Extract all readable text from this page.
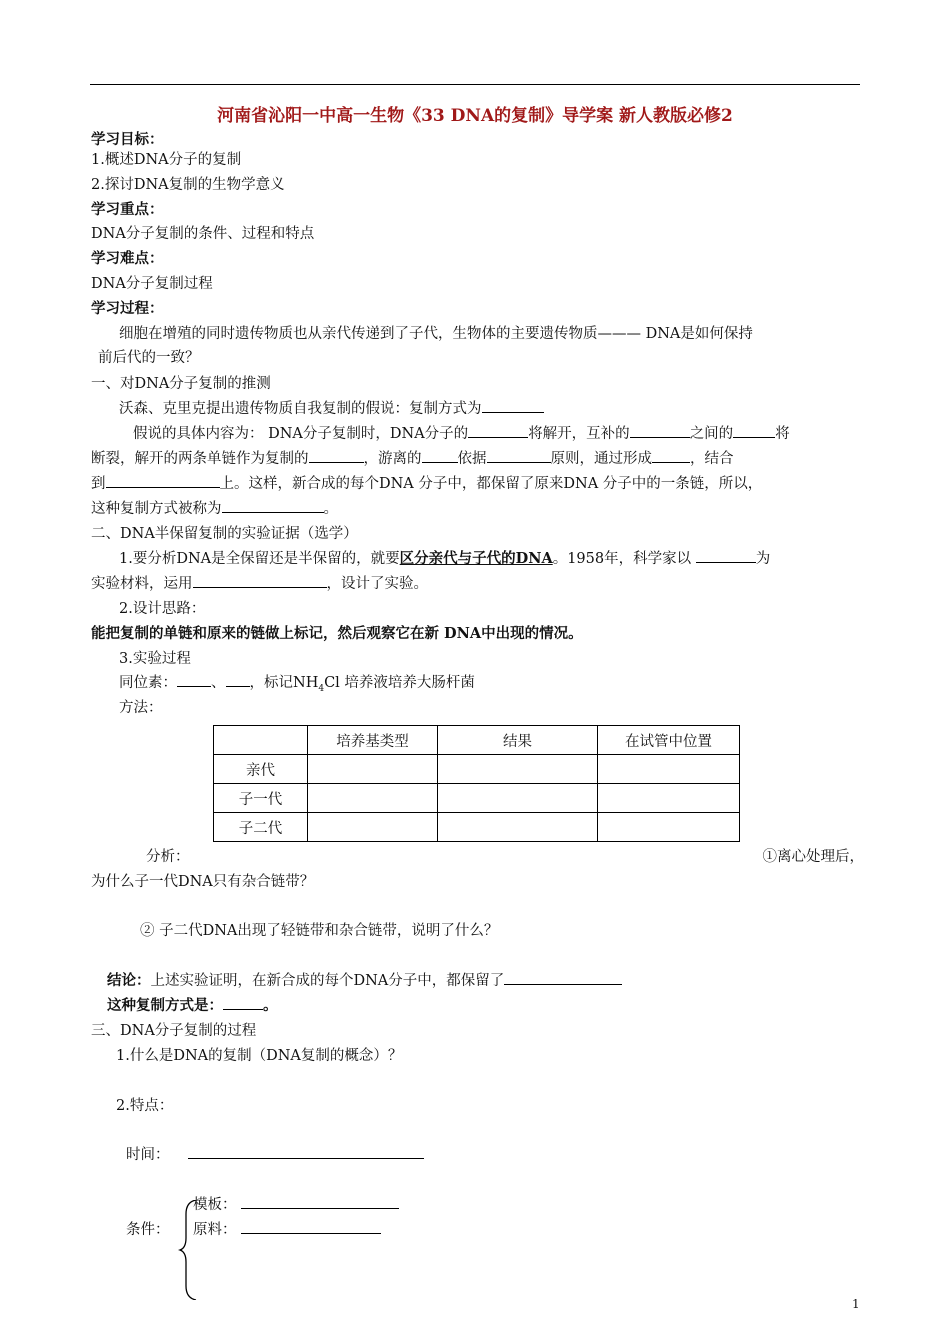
河南省沁阳一中高一生物《33 DNA的复制》导学案 新人教版必修2
学习目标：
1.概述DNA分子的复制
2.探讨DNA复制的生物学意义
学习重点：
DNA分子复制的条件、过程和特点
学习难点：
DNA分子复制过程
学习过程：
细胞在增殖的同时遗传物质也从亲代传递到了子代，生物体的主要遗传物质——— DNA是如何保持
前后代的一致？
一、对DNA分子复制的推测
沃森、克里克提出遗传物质自我复制的假说：复制方式为
假说的具体内容为： DNA分子复制时，DNA分子的	将解开，互补的	之间的	将
断裂，解开的两条单链作为复制的	，游离的 依据	原则，通过形成	，结合
到	上。这样，新合成的每个DNA 分子中，都保留了原来DNA 分子中的一条链，所以，
这种复制方式被称为	。
二、DNA半保留复制的实验证据（选学）
1.要分析DNA是全保留还是半保留的，就要区分亲代与子代的DNA。1958年，科学家以	为
实验材料，运用	，设计了实验。
2.设计思路：
能把复制的单链和原来的链做上标记，然后观察它在新 DNA中出现的情况。
3.实验过程
同位素： 、 ，标记$NH_4Cl$ 培养液培养大肠杆菌
方法：
	培养基类型	结果	在试管中位置
亲代			
子一代			
子二代			
分析：	①离心处理后，
为什么子一代DNA只有杂合链带？
② 子二代DNA出现了轻链带和杂合链带，说明了什么？
结论：上述实验证明，在新合成的每个DNA分子中，都保留了
这种复制方式是：	。
三、DNA分子复制的过程
1.什么是DNA的复制（DNA复制的概念）？
2.特点：
时间：
模板：
条件： 原料：
1
